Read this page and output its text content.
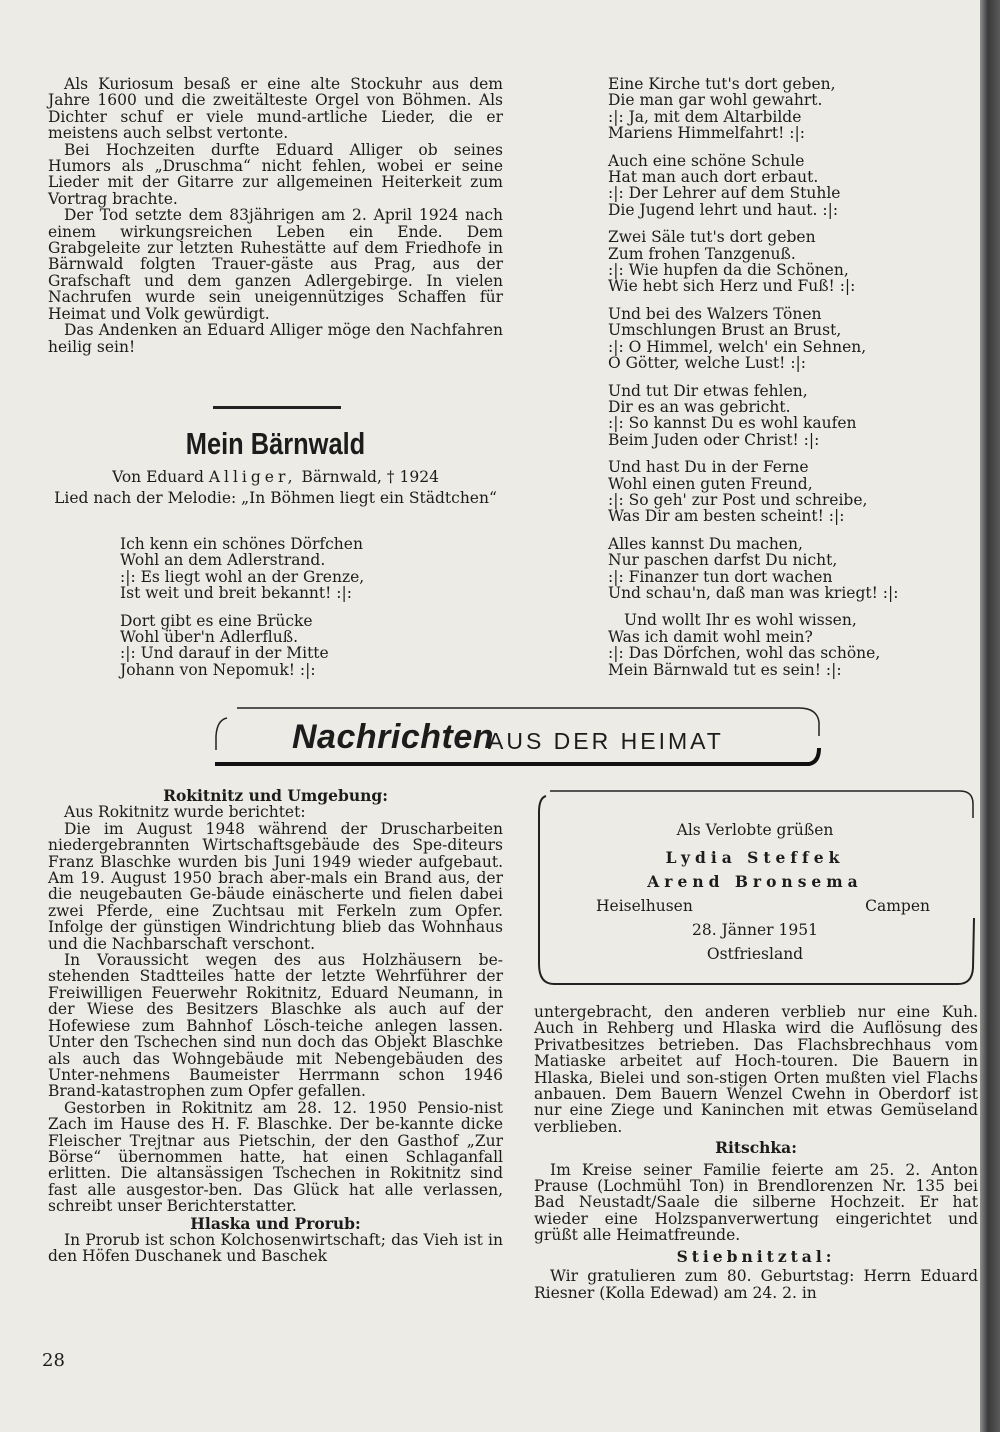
Als Kuriosum besaß er eine alte Stockuhr aus dem Jahre 1600 und die zweitälteste Orgel von Böhmen. Als Dichter schuf er viele mund-artliche Lieder, die er meistens auch selbst vertonte.

Bei Hochzeiten durfte Eduard Alliger ob seines Humors als „Druschma“ nicht fehlen, wobei er seine Lieder mit der Gitarre zur allgemeinen Heiterkeit zum Vortrag brachte.

Der Tod setzte dem 83jährigen am 2. April 1924 nach einem wirkungsreichen Leben ein Ende. Dem Grabgeleite zur letzten Ruhestätte auf dem Friedhofe in Bärnwald folgten Trauer-gäste aus Prag, aus der Grafschaft und dem ganzen Adlergebirge. In vielen Nachrufen wurde sein uneigennütziges Schaffen für Heimat und Volk gewürdigt.

Das Andenken an Eduard Alliger möge den Nachfahren heilig sein!

Mein Bärnwald
Von Eduard Alliger, Bärnwald, † 1924
Lied nach der Melodie: „In Böhmen liegt ein Städtchen“
Ich kenn ein schönes Dörfchen
Wohl an dem Adlerstrand.
:|: Es liegt wohl an der Grenze,
Ist weit und breit bekannt! :|:
Dort gibt es eine Brücke
Wohl über'n Adlerfluß.
:|: Und darauf in der Mitte
Johann von Nepomuk! :|:
Eine Kirche tut's dort geben,
Die man gar wohl gewahrt.
:|: Ja, mit dem Altarbilde
Mariens Himmelfahrt! :|:
Auch eine schöne Schule
Hat man auch dort erbaut.
:|: Der Lehrer auf dem Stuhle
Die Jugend lehrt und haut. :|:
Zwei Säle tut's dort geben
Zum frohen Tanzgenuß.
:|: Wie hupfen da die Schönen,
Wie hebt sich Herz und Fuß! :|:
Und bei des Walzers Tönen
Umschlungen Brust an Brust,
:|: O Himmel, welch' ein Sehnen,
O Götter, welche Lust! :|:
Und tut Dir etwas fehlen,
Dir es an was gebricht.
:|: So kannst Du es wohl kaufen
Beim Juden oder Christ! :|:
Und hast Du in der Ferne
Wohl einen guten Freund,
:|: So geh' zur Post und schreibe,
Was Dir am besten scheint! :|:
Alles kannst Du machen,
Nur paschen darfst Du nicht,
:|: Finanzer tun dort wachen
Und schau'n, daß man was kriegt! :|:
Und wollt Ihr es wohl wissen,
Was ich damit wohl mein?
:|: Das Dörfchen, wohl das schöne,
Mein Bärnwald tut es sein! :|:
Nachrichten
AUS DER HEIMAT
Rokitnitz und Umgebung:

Aus Rokitnitz wurde berichtet:

Die im August 1948 während der Druscharbeiten niedergebrannten Wirtschaftsgebäude des Spe-diteurs Franz Blaschke wurden bis Juni 1949 wieder aufgebaut. Am 19. August 1950 brach aber-mals ein Brand aus, der die neugebauten Ge-bäude einäscherte und fielen dabei zwei Pferde, eine Zuchtsau mit Ferkeln zum Opfer. Infolge der günstigen Windrichtung blieb das Wohnhaus und die Nachbarschaft verschont.

In Voraussicht wegen des aus Holzhäusern be-stehenden Stadtteiles hatte der letzte Wehrführer der Freiwilligen Feuerwehr Rokitnitz, Eduard Neumann, in der Wiese des Besitzers Blaschke als auch auf der Hofewiese zum Bahnhof Lösch-teiche anlegen lassen. Unter den Tschechen sind nun doch das Objekt Blaschke als auch das Wohngebäude mit Nebengebäuden des Unter-nehmens Baumeister Herrmann schon 1946 Brand-katastrophen zum Opfer gefallen.

Gestorben in Rokitnitz am 28. 12. 1950 Pensio-nist Zach im Hause des H. F. Blaschke. Der be-kannte dicke Fleischer Trejtnar aus Pietschin, der den Gasthof „Zur Börse“ übernommen hatte, hat einen Schlaganfall erlitten. Die altansässigen Tschechen in Rokitnitz sind fast alle ausgestor-ben. Das Glück hat alle verlassen, schreibt unser Berichterstatter.

Hlaska und Prorub:

In Prorub ist schon Kolchosenwirtschaft; das Vieh ist in den Höfen Duschanek und Baschek

Als Verlobte grüßen
Lydia Steffek
Arend Bronsema
Heiselhusen	Campen
28. Jänner 1951
Ostfriesland

untergebracht, den anderen verblieb nur eine Kuh. Auch in Rehberg und Hlaska wird die Auflösung des Privatbesitzes betrieben. Das Flachsbrechhaus vom Matiaske arbeitet auf Hoch-touren. Die Bauern in Hlaska, Bielei und son-stigen Orten mußten viel Flachs anbauen. Dem Bauern Wenzel Cwehn in Oberdorf ist nur eine Ziege und Kaninchen mit etwas Gemüseland verblieben.

Ritschka:

Im Kreise seiner Familie feierte am 25. 2. Anton Prause (Lochmühl Ton) in Brendlorenzen Nr. 135 bei Bad Neustadt/Saale die silberne Hochzeit. Er hat wieder eine Holzspanverwertung eingerichtet und grüßt alle Heimatfreunde.

Stiebnitztal:

Wir gratulieren zum 80. Geburtstag: Herrn Eduard Riesner (Kolla Edewad) am 24. 2. in

28
